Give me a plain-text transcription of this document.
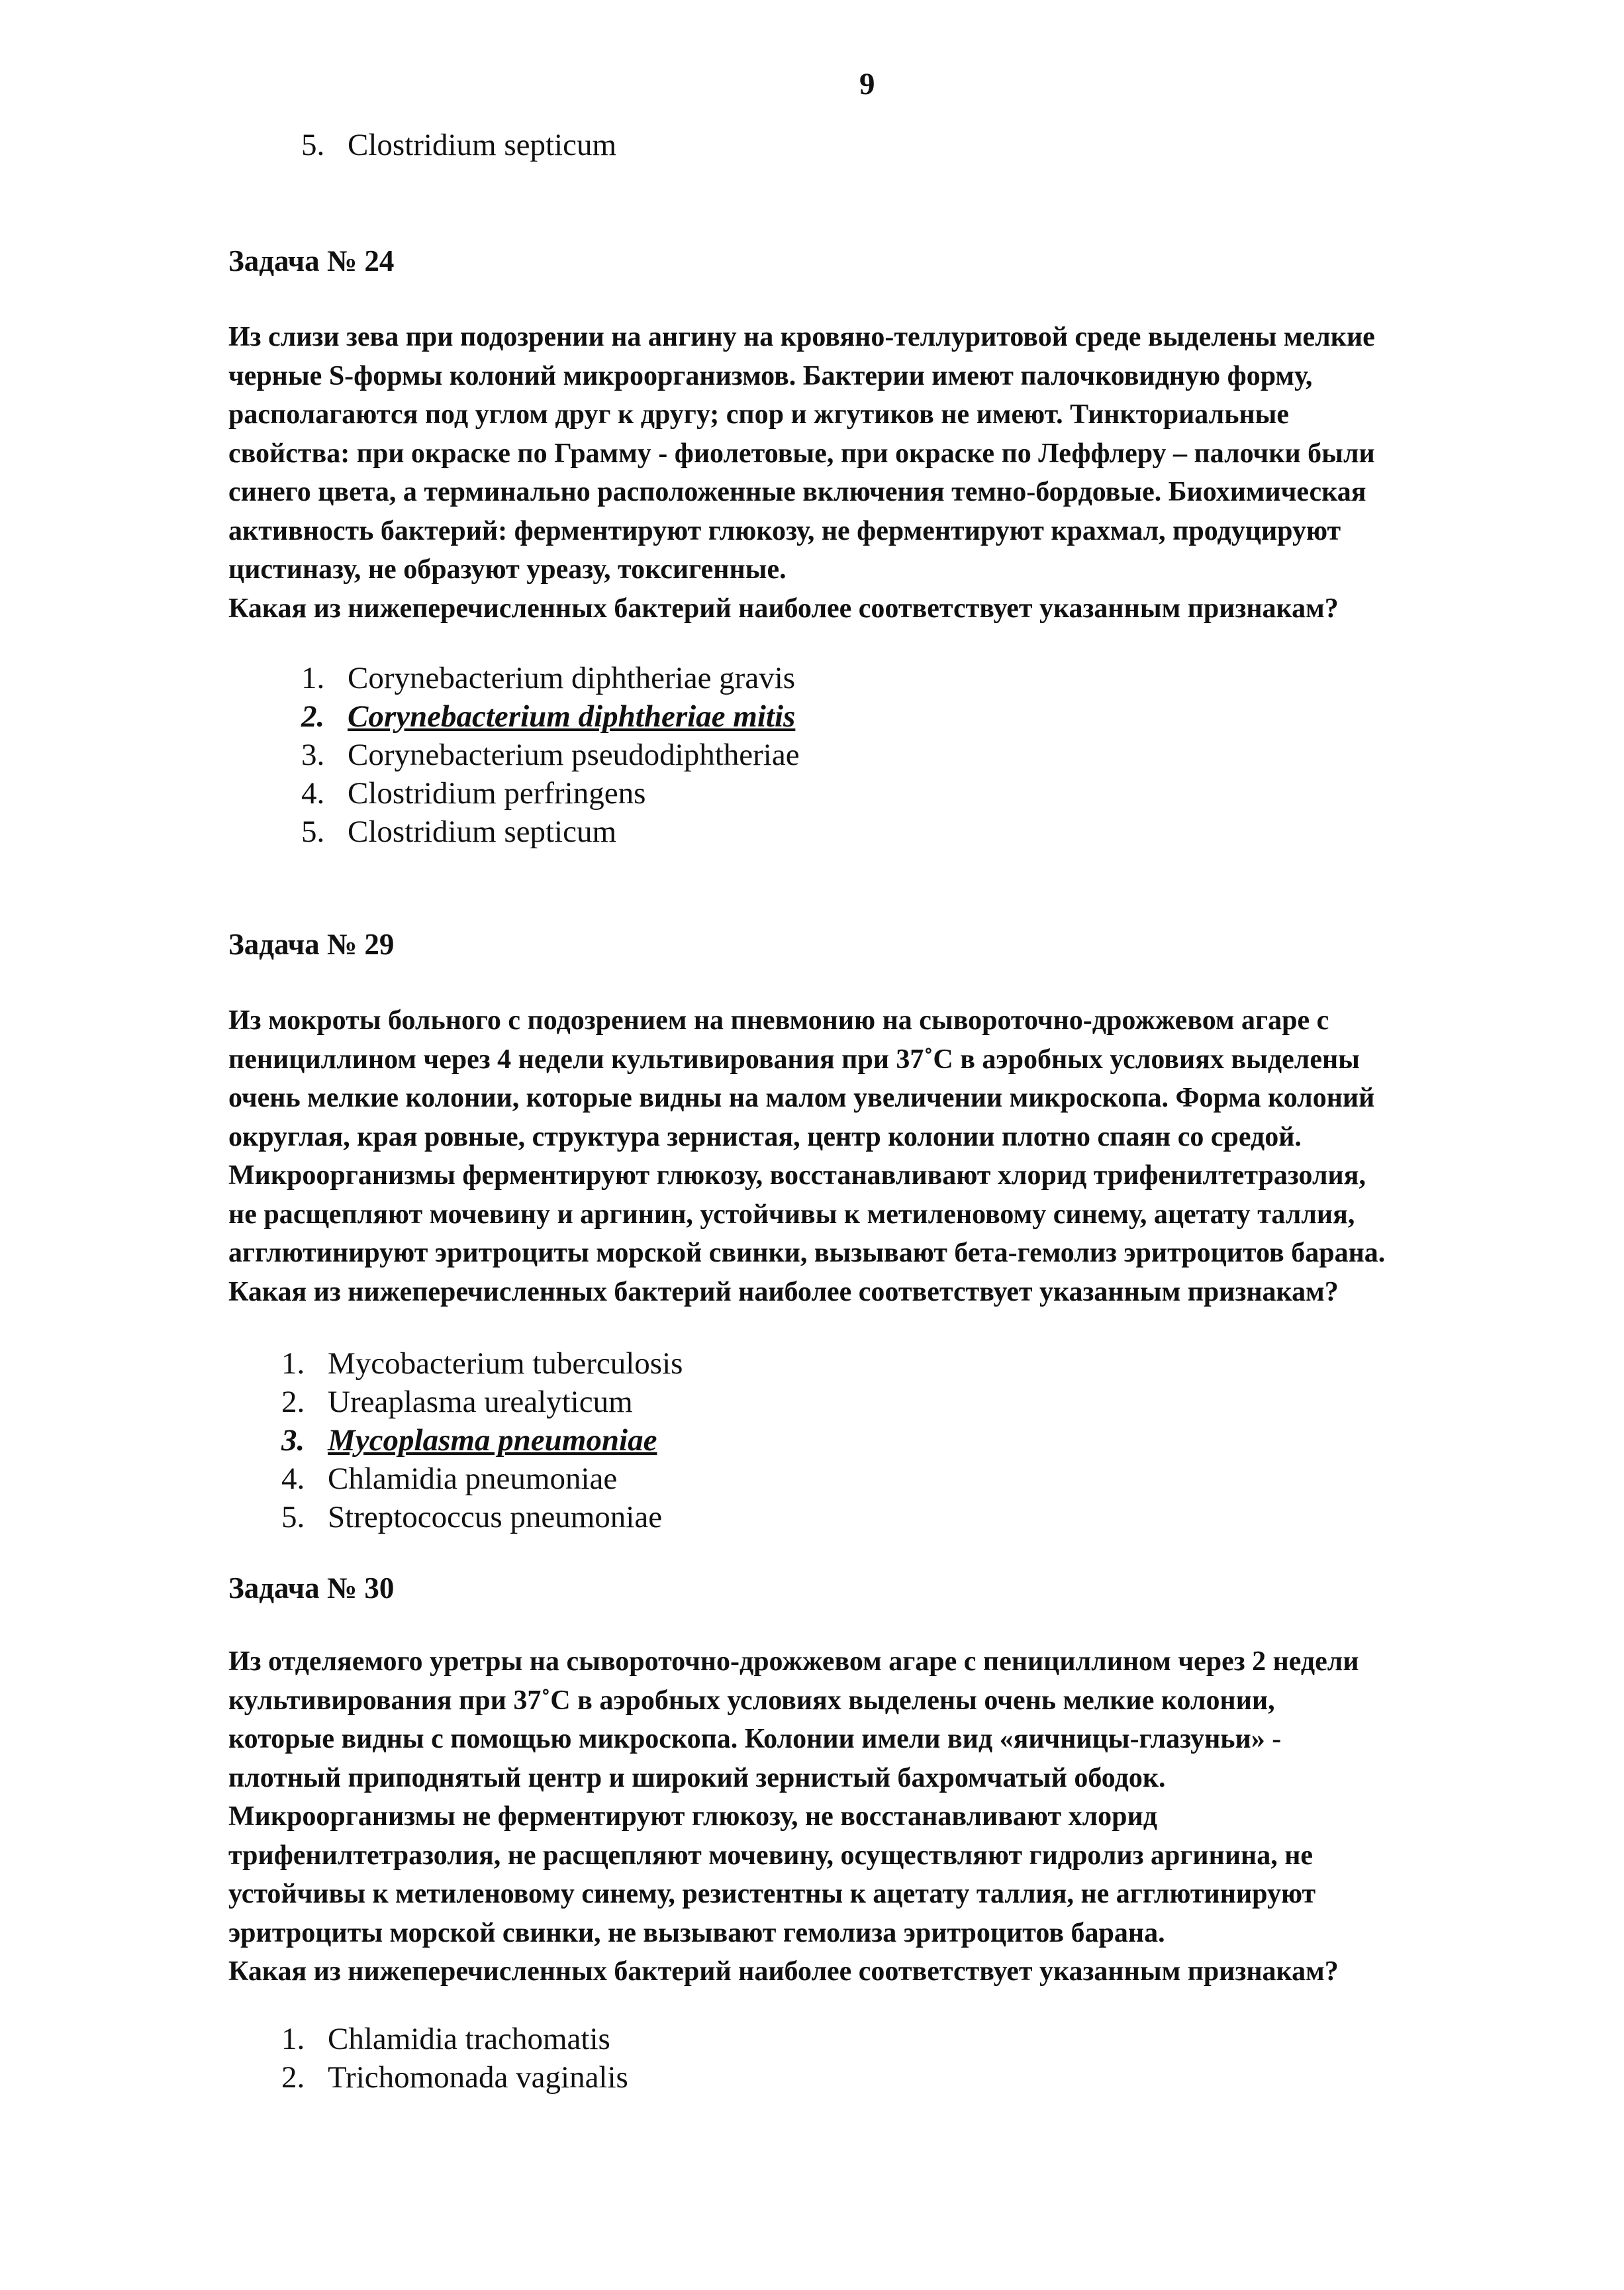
9
5. Clostridium septicum
Задача № 24

Из слизи зева при подозрении на ангину на кровяно-теллуритовой среде выделены мелкие
черные S-формы колоний микроорганизмов. Бактерии имеют палочковидную форму,
располагаются под углом друг к другу; спор и жгутиков не имеют. Тинкториальные
свойства: при окраске по Грамму - фиолетовые, при окраске по Леффлеру – палочки были
синего цвета, а терминально расположенные включения темно-бордовые. Биохимическая
активность бактерий: ферментируют глюкозу, не ферментируют крахмал, продуцируют
цистиназу, не образуют уреазу, токсигенные.
Какая из нижеперечисленных бактерий наиболее соответствует указанным признакам?

1. Corynebacterium diphtheriae gravis
2. Corynebacterium diphtheriae mitis
3. Corynebacterium pseudodiphtheriae
4. Clostridium perfringens
5. Clostridium septicum
Задача № 29

Из мокроты больного с подозрением на пневмонию на сывороточно-дрожжевом агаре с
пенициллином через 4 недели культивирования при 37˚С в аэробных условиях выделены
очень мелкие колонии, которые видны на малом увеличении микроскопа. Форма колоний
округлая, края ровные, структура зернистая, центр колонии плотно спаян со средой.
Микроорганизмы ферментируют глюкозу, восстанавливают хлорид трифенилтетразолия,
не расщепляют мочевину и аргинин, устойчивы к метиленовому синему, ацетату таллия,
агглютинируют эритроциты морской свинки, вызывают бета-гемолиз эритроцитов барана.
Какая из нижеперечисленных бактерий наиболее соответствует указанным признакам?

1. Mycobacterium tuberculosis
2. Ureaplasma urealyticum
3. Mycoplasma pneumoniae
4. Chlamidia pneumoniae
5. Streptococcus pneumoniae
Задача № 30

Из отделяемого уретры на сывороточно-дрожжевом агаре с пенициллином через 2 недели
культивирования при 37˚С в аэробных условиях выделены очень мелкие колонии,
которые видны с помощью микроскопа. Колонии имели вид «яичницы-глазуньи» -
плотный приподнятый центр и широкий зернистый бахромчатый ободок.
Микроорганизмы не ферментируют глюкозу, не восстанавливают хлорид
трифенилтетразолия, не расщепляют мочевину, осуществляют гидролиз аргинина, не
устойчивы к метиленовому синему, резистентны к ацетату таллия, не агглютинируют
эритроциты морской свинки, не вызывают гемолиза эритроцитов барана.
Какая из нижеперечисленных бактерий наиболее соответствует указанным признакам?

1. Chlamidia trachomatis
2. Trichomonada vaginalis
